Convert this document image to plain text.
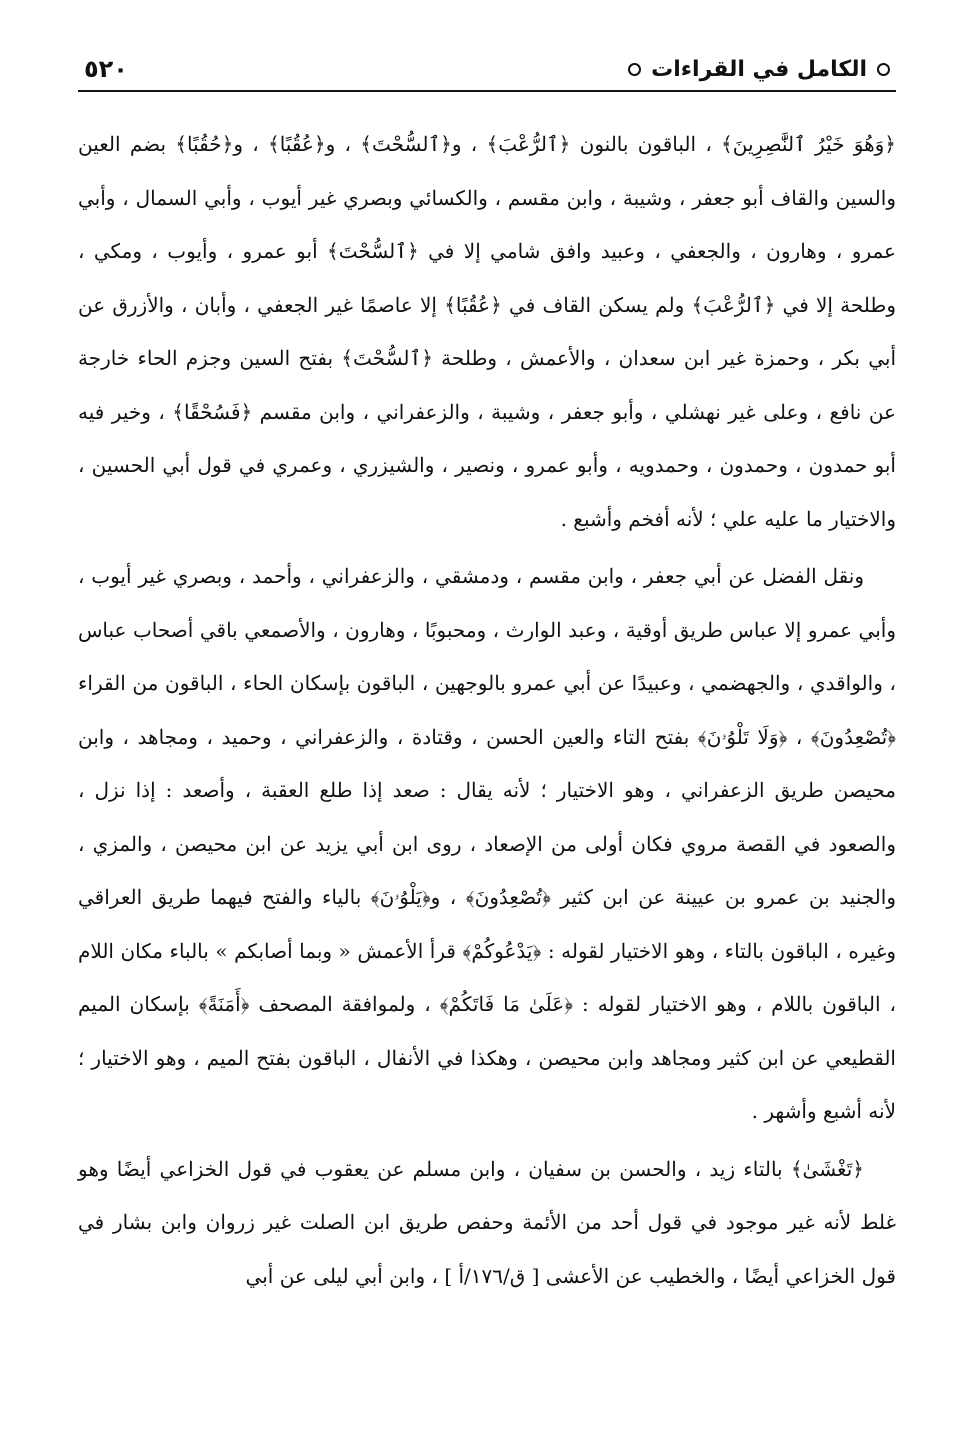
الكامل في القراءات
٥٢٠

﴿وَهُوَ خَيْرُ ٱلنَّٰصِرِينَ﴾ ، الباقون بالنون ﴿ٱلرُّعْبَ﴾ ، و﴿ٱلسُّحْتَ﴾ ، و﴿عُقُبًا﴾ ، و﴿حُقُبًا﴾ بضم العين والسين والقاف أبو جعفر ، وشيبة ، وابن مقسم ، والكسائي وبصري غير أيوب ، وأبي السمال ، وأبي عمرو ، وهارون ، والجعفي ، وعبيد وافق شامي إلا في ﴿ٱلسُّحْتَ﴾ أبو عمرو ، وأيوب ، ومكي ، وطلحة إلا في ﴿ٱلرُّعْبَ﴾ ولم يسكن القاف في ﴿عُقُبًا﴾ إلا عاصمًا غير الجعفي ، وأبان ، والأزرق عن أبي بكر ، وحمزة غير ابن سعدان ، والأعمش ، وطلحة ﴿ٱلسُّحْتَ﴾ بفتح السين وجزم الحاء خارجة عن نافع ، وعلى غير نهشلي ، وأبو جعفر ، وشيبة ، والزعفراني ، وابن مقسم ﴿فَسُحْقًا﴾ ، وخير فيه أبو حمدون ، وحمدون ، وحمدويه ، وأبو عمرو ، ونصير ، والشيزري ، وعمري في قول أبي الحسين ، والاختيار ما عليه علي ؛ لأنه أفخم وأشبع .

ونقل الفضل عن أبي جعفر ، وابن مقسم ، ودمشقي ، والزعفراني ، وأحمد ، وبصري غير أيوب ، وأبي عمرو إلا عباس طريق أوقية ، وعبد الوارث ، ومحبوبًا ، وهارون ، والأصمعي باقي أصحاب عباس ، والواقدي ، والجهضمي ، وعبيدًا عن أبي عمرو بالوجهين ، الباقون بإسكان الحاء ، الباقون من القراء ﴿تُصْعِدُونَ﴾ ، ﴿وَلَا تَلْوُۥنَ﴾ بفتح التاء والعين الحسن ، وقتادة ، والزعفراني ، وحميد ، ومجاهد ، وابن محيصن طريق الزعفراني ، وهو الاختيار ؛ لأنه يقال : صعد إذا طلع العقبة ، وأصعد : إذا نزل ، والصعود في القصة مروي فكان أولى من الإصعاد ، روى ابن أبي يزيد عن ابن محيصن ، والمزي ، والجنيد بن عمرو بن عيينة عن ابن كثير ﴿تُصْعِدُونَ﴾ ، و﴿يَلْوُۥنَ﴾ بالياء والفتح فيهما طريق العراقي وغيره ، الباقون بالتاء ، وهو الاختيار لقوله : ﴿يَدْعُوكُمْ﴾ قرأ الأعمش « وبما أصابكم » بالباء مكان اللام ، الباقون باللام ، وهو الاختيار لقوله : ﴿عَلَىٰ مَا فَاتَكُمْ﴾ ، ولموافقة المصحف ﴿أَمَنَةً﴾ بإسكان الميم القطيعي عن ابن كثير ومجاهد وابن محيصن ، وهكذا في الأنفال ، الباقون بفتح الميم ، وهو الاختيار ؛ لأنه أشبع وأشهر .

﴿تَغْشَىٰ﴾ بالتاء زيد ، والحسن بن سفيان ، وابن مسلم عن يعقوب في قول الخزاعي أيضًا وهو غلط لأنه غير موجود في قول أحد من الأئمة وحفص طريق ابن الصلت غير زروان وابن بشار في قول الخزاعي أيضًا ، والخطيب عن الأعشى [ ق/١٧٦/أ ] ، وابن أبي ليلى عن أبي
